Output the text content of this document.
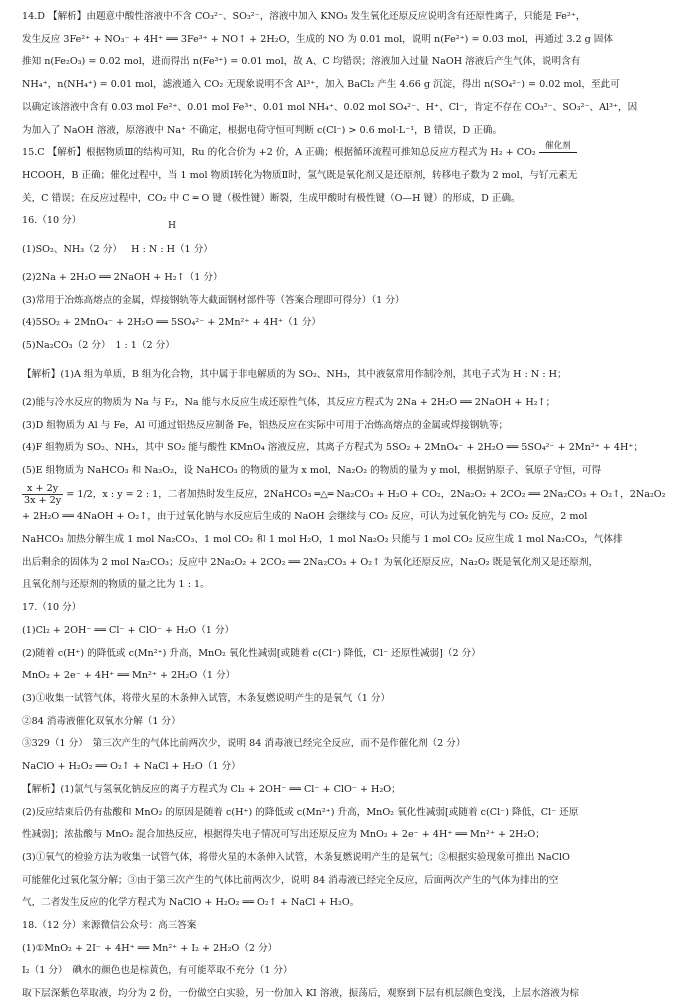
14.D 【解析】由题意中酸性溶液中不含 CO₃²⁻、SO₃²⁻，溶液中加入 KNO₃ 发生氧化还原反应说明含有还原性离子，只能是 Fe²⁺，
发生反应 3Fe²⁺ + NO₃⁻ + 4H⁺ ══ 3Fe³⁺ + NO↑ + 2H₂O，生成的 NO 为 0.01 mol，说明 n(Fe²⁺) = 0.03 mol，再通过 3.2 g 固体
推知 n(Fe₂O₃) = 0.02 mol，进而得出 n(Fe³⁺) = 0.01 mol，故 A、C 均错误；溶液加入过量 NaOH 溶液后产生气体，说明含有
NH₄⁺，n(NH₄⁺) = 0.01 mol，滤液通入 CO₂ 无现象说明不含 Al³⁺，加入 BaCl₂ 产生 4.66 g 沉淀，得出 n(SO₄²⁻) = 0.02 mol，至此可
以确定该溶液中含有 0.03 mol Fe²⁺、0.01 mol Fe³⁺、0.01 mol NH₄⁺、0.02 mol SO₄²⁻、H⁺、Cl⁻，肯定不存在 CO₃²⁻、SO₃²⁻、Al³⁺，因
为加入了 NaOH 溶液，原溶液中 Na⁺ 不确定，根据电荷守恒可判断 c(Cl⁻) > 0.6 mol·L⁻¹，B 错误，D 正确。
15.C 【解析】根据物质Ⅲ的结构可知，Ru 的化合价为 +2 价，A 正确；根据循环流程可推知总反应方程式为 H₂ + CO₂
催化剂
HCOOH，B 正确；催化过程中，当 1 mol 物质Ⅰ转化为物质Ⅱ时，氢气既是氧化剂又是还原剂，转移电子数为 2 mol，与钌元素无
关，C 错误；在反应过程中，CO₂ 中 C ═ O 键（极性键）断裂，生成甲酸时有极性键（O—H 键）的形成，D 正确。
16.（10 分）
(1)SO₂、NH₃（2 分）
H
H : N : H（1 分）
(2)2Na + 2H₂O ══ 2NaOH + H₂↑（1 分）
(3)常用于冶炼高熔点的金属，焊接钢轨等大截面钢材部件等（答案合理即可得分）（1 分）
(4)5SO₂ + 2MnO₄⁻ + 2H₂O ══ 5SO₄²⁻ + 2Mn²⁺ + 4H⁺（1 分）
(5)Na₂CO₃（2 分）　1 : 1（2 分）
【解析】(1)A 组为单质，B 组为化合物，其中属于非电解质的为 SO₂、NH₃，其中液氨常用作制冷剂，其电子式为 H : N : H；
(2)能与冷水反应的物质为 Na 与 F₂，Na 能与水反应生成还原性气体，其反应方程式为 2Na + 2H₂O ══ 2NaOH + H₂↑；
(3)D 组物质为 Al 与 Fe，Al 可通过铝热反应制备 Fe，铝热反应在实际中可用于冶炼高熔点的金属或焊接钢轨等；
(4)F 组物质为 SO₂、NH₃，其中 SO₂ 能与酸性 KMnO₄ 溶液反应，其离子方程式为 5SO₂ + 2MnO₄⁻ + 2H₂O ══ 5SO₄²⁻ + 2Mn²⁺ + 4H⁺；
(5)E 组物质为 NaHCO₃ 和 Na₂O₂，设 NaHCO₃ 的物质的量为 x mol，Na₂O₂ 的物质的量为 y mol，根据钠原子、氧原子守恒，可得
$\frac{x + 2y}{3x + 2y} = 1/2$，x : y = 2 : 1，二者加热时发生反应，2NaHCO₃ ═△═ Na₂CO₃ + H₂O + CO₂，2Na₂O₂ + 2CO₂ ══ 2Na₂CO₃ + O₂↑，2Na₂O₂
+ 2H₂O ══ 4NaOH + O₂↑，由于过氧化钠与水反应后生成的 NaOH 会继续与 CO₂ 反应，可认为过氧化钠先与 CO₂ 反应，2 mol
NaHCO₃ 加热分解生成 1 mol Na₂CO₃、1 mol CO₂ 和 1 mol H₂O，1 mol Na₂O₂ 只能与 1 mol CO₂ 反应生成 1 mol Na₂CO₃，气体排
出后剩余的固体为 2 mol Na₂CO₃；反应中 2Na₂O₂ + 2CO₂ ══ 2Na₂CO₃ + O₂↑ 为氧化还原反应，Na₂O₂ 既是氧化剂又是还原剂，
且氧化剂与还原剂的物质的量之比为 1 : 1。
17.（10 分）
(1)Cl₂ + 2OH⁻ ══ Cl⁻ + ClO⁻ + H₂O（1 分）
(2)随着 c(H⁺) 的降低或 c(Mn²⁺) 升高，MnO₂ 氧化性减弱[或随着 c(Cl⁻) 降低，Cl⁻ 还原性减弱]（2 分）
MnO₂ + 2e⁻ + 4H⁺ ══ Mn²⁺ + 2H₂O（1 分）
(3)①收集一试管气体，将带火星的木条伸入试管，木条复燃说明产生的是氧气（1 分）
②84 消毒液催化双氧水分解（1 分）
③329（1 分）　第三次产生的气体比前两次少，说明 84 消毒液已经完全反应，而不是作催化剂（2 分）
NaClO + H₂O₂ ══ O₂↑ + NaCl + H₂O（1 分）
【解析】(1)氯气与氢氧化钠反应的离子方程式为 Cl₂ + 2OH⁻ ══ Cl⁻ + ClO⁻ + H₂O；
(2)反应结束后仍有盐酸和 MnO₂ 的原因是随着 c(H⁺) 的降低或 c(Mn²⁺) 升高，MnO₂ 氧化性减弱[或随着 c(Cl⁻) 降低，Cl⁻ 还原
性减弱]；浓盐酸与 MnO₂ 混合加热反应，根据得失电子情况可写出还原反应为 MnO₂ + 2e⁻ + 4H⁺ ══ Mn²⁺ + 2H₂O；
(3)①氧气的检验方法为收集一试管气体，将带火星的木条伸入试管，木条复燃说明产生的是氧气；②根据实验现象可推出 NaClO
可能催化过氧化氢分解；③由于第三次产生的气体比前两次少，说明 84 消毒液已经完全反应，后面两次产生的气体为排出的空
气，二者发生反应的化学方程式为 NaClO + H₂O₂ ══ O₂↑ + NaCl + H₂O。
18.（12 分）来源微信公众号：高三答案
(1)①MnO₂ + 2I⁻ + 4H⁺ ══ Mn²⁺ + I₂ + 2H₂O（2 分）
I₂（1 分）　碘水的颜色也是棕黄色，有可能萃取不充分（1 分）
取下层深紫色萃取液，均分为 2 份，一份做空白实验，另一份加入 KI 溶液，振荡后，观察到下层有机层颜色变浅，上层水溶液为棕
